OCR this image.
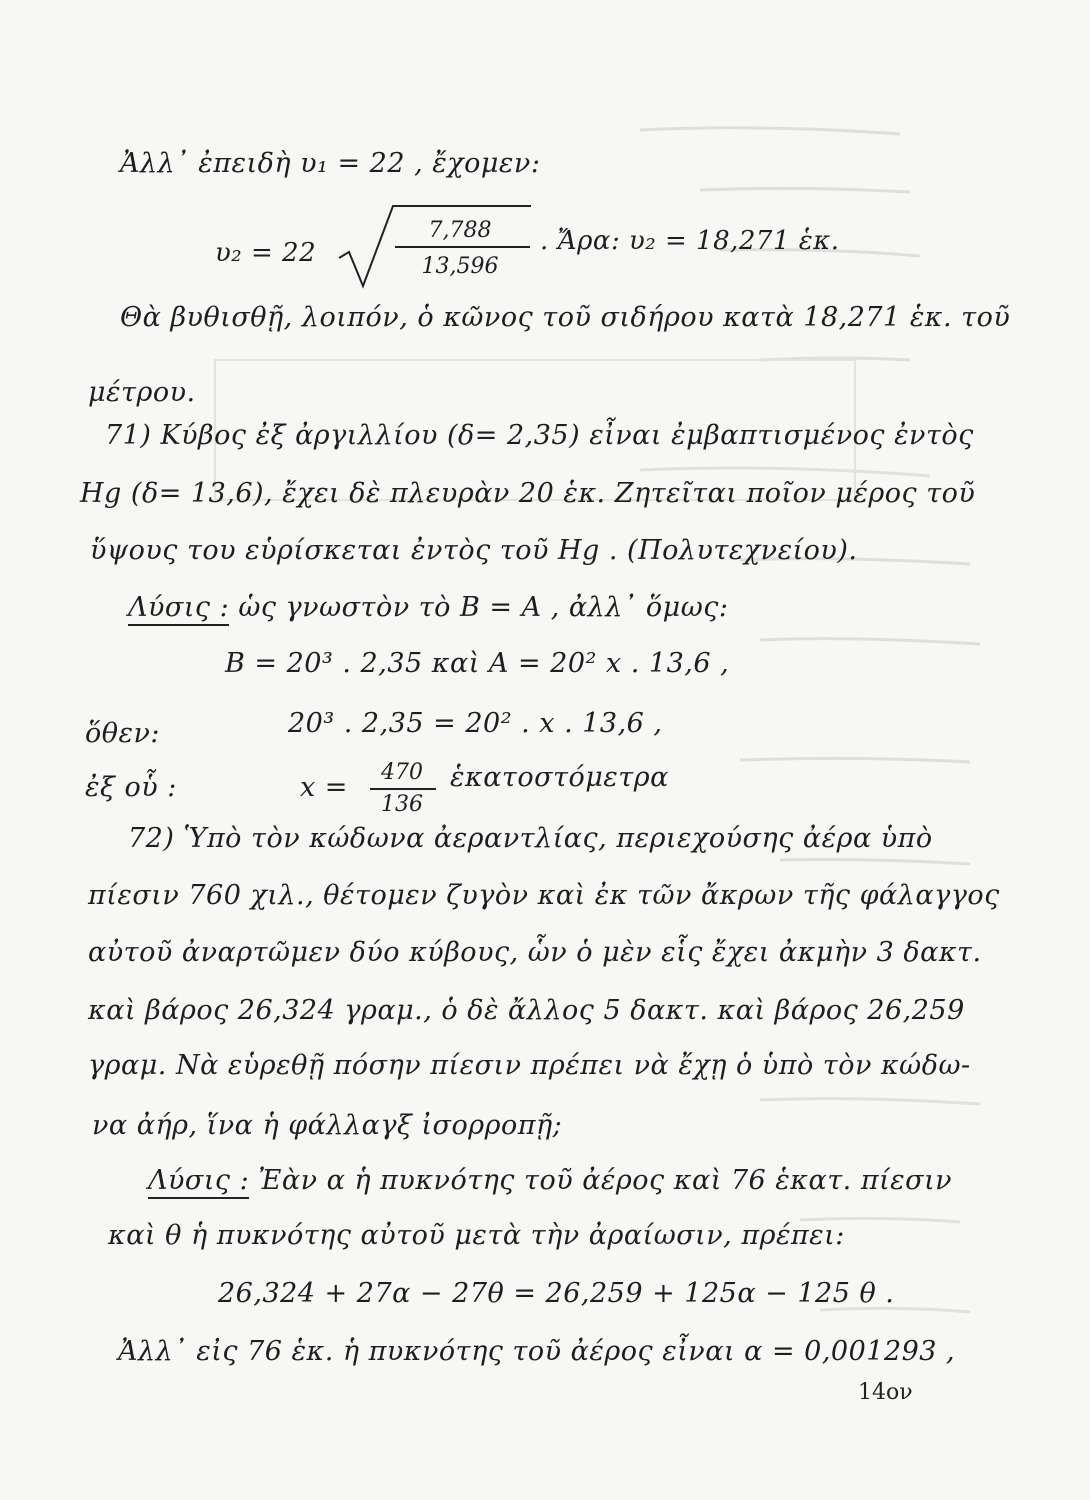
Ἀλλ᾽ ἐπειδὴ υ₁ = 22 , ἔχομεν:
υ₂ = 22
7,788
13,596
. Ἄρα: υ₂ = 18,271 ἑκ.
Θὰ βυθισθῇ, λοιπόν, ὁ κῶνος τοῦ σιδήρου κατὰ 18,271 ἑκ. τοῦ
μέτρου.
71) Κύβος ἐξ ἀργιλλίου (δ= 2,35) εἶναι ἐμβαπτισμένος ἐντὸς
Hg (δ= 13,6), ἔχει δὲ πλευρὰν 20 ἑκ. Ζητεῖται ποῖον μέρος τοῦ
ὕψους του εὑρίσκεται ἐντὸς τοῦ Hg . (Πολυτεχνείου).
Λύσις : ὡς γνωστὸν τὸ B = A , ἀλλ᾽ ὅμως:
B = 20³ . 2,35 καὶ A = 20² x . 13,6 ,
ὅθεν:	20³ . 2,35 = 20² . x . 13,6 ,
ἐξ οὗ :	x =	470
136
ἑκατοστόμετρα
72) Ὑπὸ τὸν κώδωνα ἀεραντλίας, περιεχούσης ἀέρα ὑπὸ
πίεσιν 760 χιλ., θέτομεν ζυγὸν καὶ ἐκ τῶν ἄκρων τῆς φάλαγγος
αὐτοῦ ἀναρτῶμεν δύο κύβους, ὧν ὁ μὲν εἷς ἔχει ἀκμὴν 3 δακτ.
καὶ βάρος 26,324 γραμ., ὁ δὲ ἄλλος 5 δακτ. καὶ βάρος 26,259
γραμ. Νὰ εὑρεθῇ πόσην πίεσιν πρέπει νὰ ἔχῃ ὁ ὑπὸ τὸν κώδω-
να ἀήρ, ἵνα ἡ φάλλαγξ ἰσορροπῇ;
Λύσις : Ἐὰν α ἡ πυκνότης τοῦ ἀέρος καὶ 76 ἑκατ. πίεσιν
καὶ θ ἡ πυκνότης αὐτοῦ μετὰ τὴν ἀραίωσιν, πρέπει:
26,324 + 27α − 27θ = 26,259 + 125α − 125 θ .
Ἀλλ᾽ εἰς 76 ἑκ. ἡ πυκνότης τοῦ ἀέρος εἶναι α = 0,001293 ,
14ον
